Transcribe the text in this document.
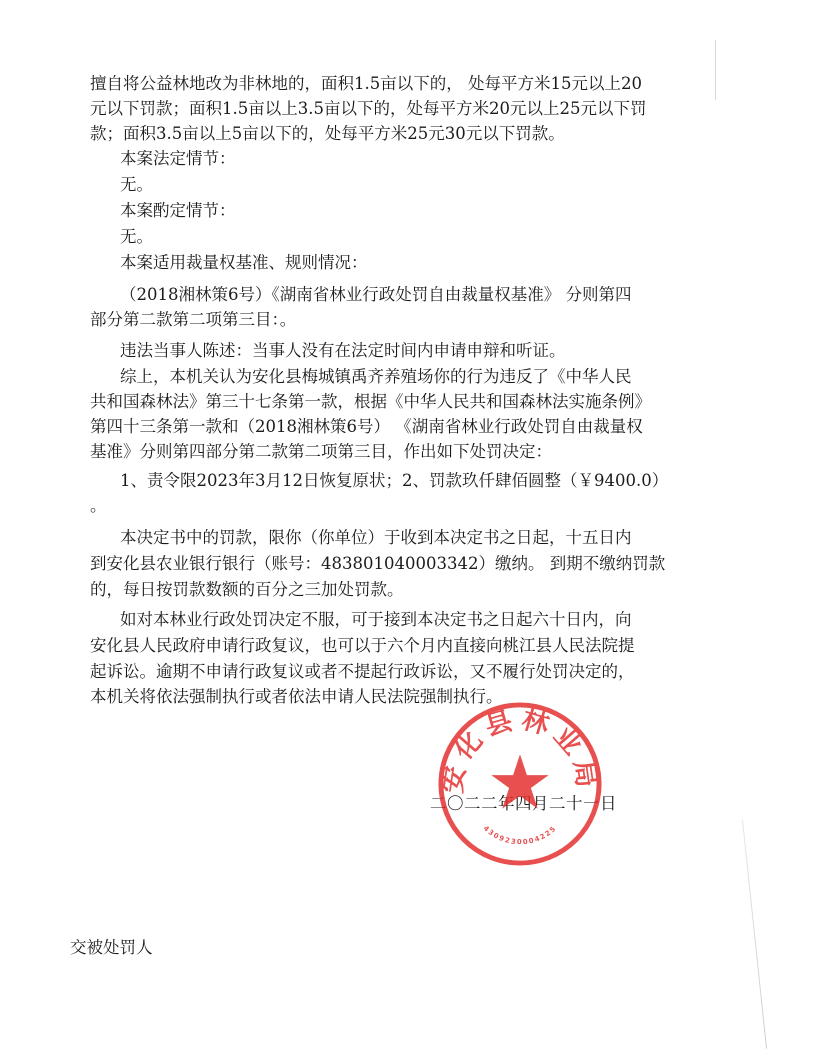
擅自将公益林地改为非林地的，面积1.5亩以下的， 处每平方米15元以上20
元以下罚款；面积1.5亩以上3.5亩以下的，处每平方米20元以上25元以下罚
款；面积3.5亩以上5亩以下的，处每平方米25元30元以下罚款。
本案法定情节：
无。
本案酌定情节：
无。
本案适用裁量权基准、规则情况：
（2018湘林策6号）《湖南省林业行政处罚自由裁量权基准》 分则第四
部分第二款第二项第三目：。
违法当事人陈述：当事人没有在法定时间内申请申辩和听证。
综上，本机关认为安化县梅城镇禹齐养殖场你的行为违反了《中华人民
共和国森林法》第三十七条第一款，根据《中华人民共和国森林法实施条例》
第四十三条第一款和（2018湘林策6号） 《湖南省林业行政处罚自由裁量权
基准》分则第四部分第二款第二项第三目，作出如下处罚决定：
1、责令限2023年3月12日恢复原状；2、罚款玖仟肆佰圆整（￥9400.0）
。
本决定书中的罚款，限你（你单位）于收到本决定书之日起，十五日内
到安化县农业银行银行（账号：483801040003342）缴纳。 到期不缴纳罚款
的，每日按罚款数额的百分之三加处罚款。
如对本林业行政处罚决定不服，可于接到本决定书之日起六十日内，向
安化县人民政府申请行政复议，也可以于六个月内直接向桃江县人民法院提
起诉讼。逾期不申请行政复议或者不提起行政诉讼，又不履行处罚决定的，
本机关将依法强制执行或者依法申请人民法院强制执行。
二〇二二年四月二十一日
安化县林业局
4309230004225
交被处罚人
